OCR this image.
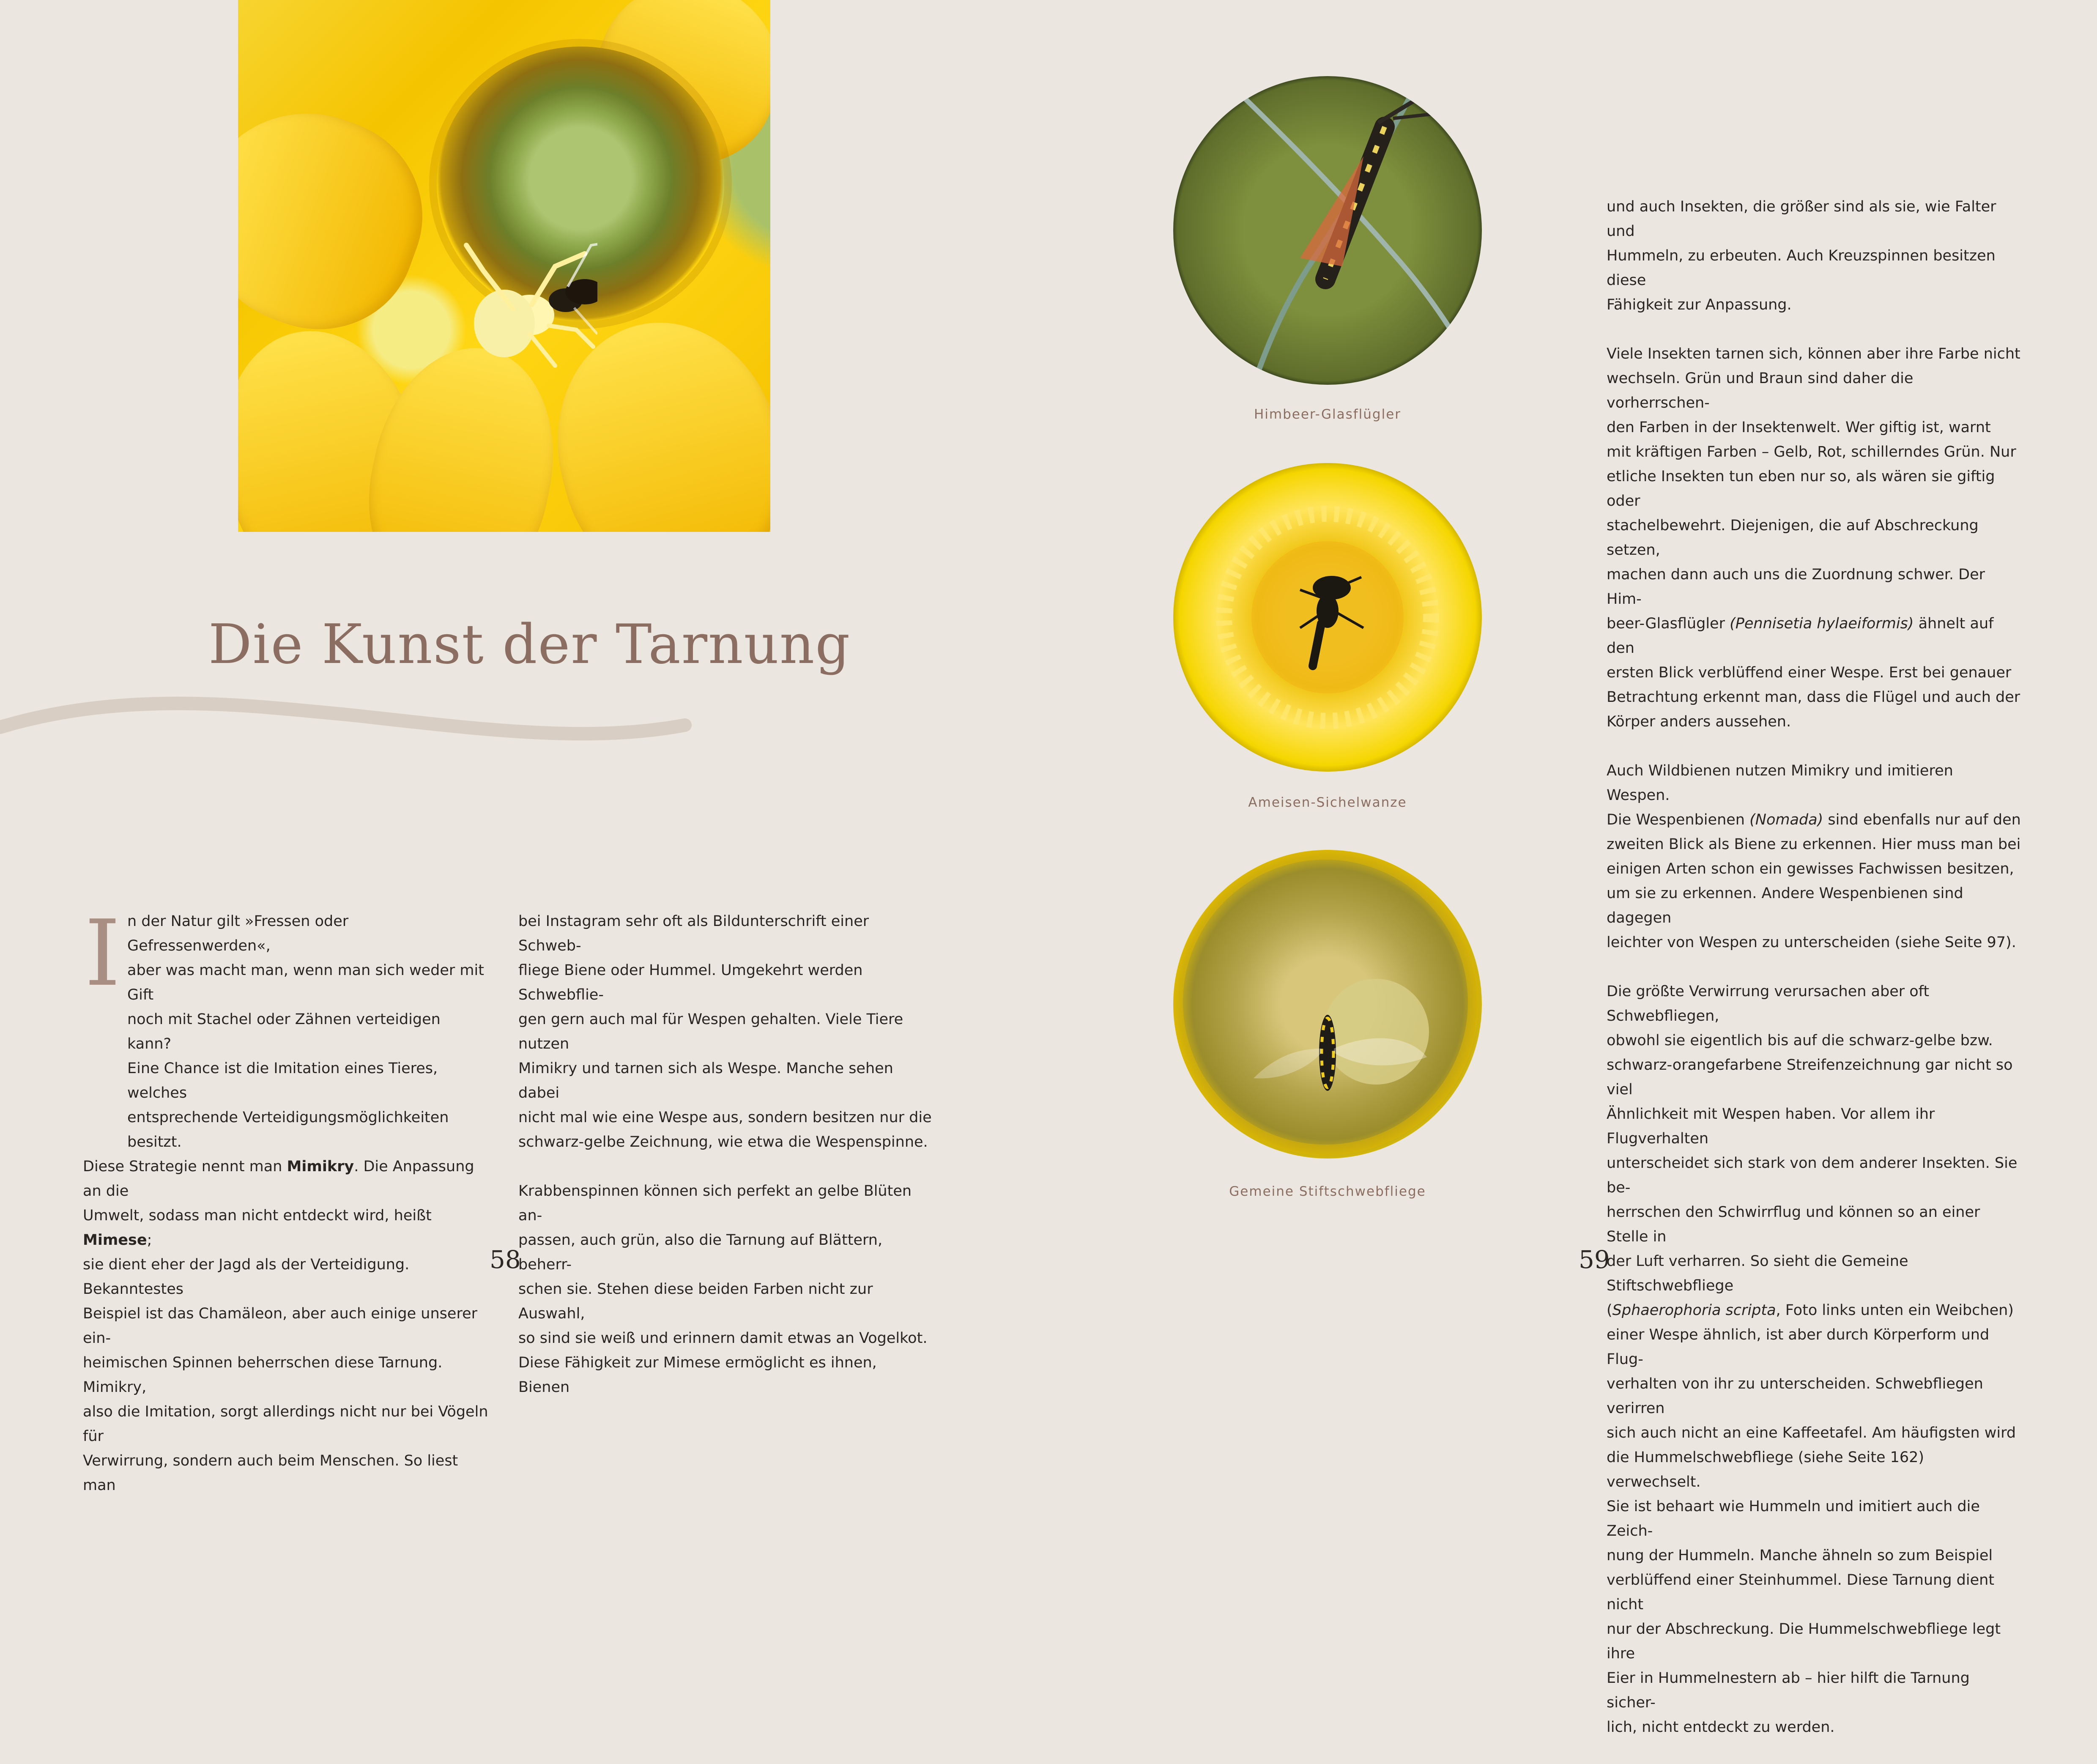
Die Kunst der Tarnung
I n der Natur gilt »Fressen oder Gefressenwerden«,
aber was macht man, wenn man sich weder mit Gift
noch mit Stachel oder Zähnen verteidigen kann?
Eine Chance ist die Imitation eines Tieres, welches
entsprechende Verteidigungsmöglichkeiten besitzt.
Diese Strategie nennt man Mimikry. Die Anpassung an die
Umwelt, sodass man nicht entdeckt wird, heißt Mimese;
sie dient eher der Jagd als der Verteidigung. Bekanntestes
Beispiel ist das Chamäleon, aber auch einige unserer ein-
heimischen Spinnen beherrschen diese Tarnung. Mimikry,
also die Imitation, sorgt allerdings nicht nur bei Vögeln für
Verwirrung, sondern auch beim Menschen. So liest man
bei Instagram sehr oft als Bildunterschrift einer Schweb-
fliege Biene oder Hummel. Umgekehrt werden Schwebflie-
gen gern auch mal für Wespen gehalten. Viele Tiere nutzen
Mimikry und tarnen sich als Wespe. Manche sehen dabei
nicht mal wie eine Wespe aus, sondern besitzen nur die
schwarz-gelbe Zeichnung, wie etwa die Wespenspinne.
Krabbenspinnen können sich perfekt an gelbe Blüten an-
passen, auch grün, also die Tarnung auf Blättern, beherr-
schen sie. Stehen diese beiden Farben nicht zur Auswahl,
so sind sie weiß und erinnern damit etwas an Vogelkot.
Diese Fähigkeit zur Mimese ermöglicht es ihnen, Bienen
Himbeer-Glasflügler
Ameisen-Sichelwanze
Gemeine Stiftschwebfliege
und auch Insekten, die größer sind als sie, wie Falter und
Hummeln, zu erbeuten. Auch Kreuzspinnen besitzen diese
Fähigkeit zur Anpassung.
Viele Insekten tarnen sich, können aber ihre Farbe nicht
wechseln. Grün und Braun sind daher die vorherrschen-
den Farben in der Insektenwelt. Wer giftig ist, warnt
mit kräftigen Farben – Gelb, Rot, schillerndes Grün. Nur
etliche Insekten tun eben nur so, als wären sie giftig oder
stachelbewehrt. Diejenigen, die auf Abschreckung setzen,
machen dann auch uns die Zuordnung schwer. Der Him-
beer-Glasflügler (Pennisetia hylaeiformis) ähnelt auf den
ersten Blick verblüffend einer Wespe. Erst bei genauer
Betrachtung erkennt man, dass die Flügel und auch der
Körper anders aussehen.
Auch Wildbienen nutzen Mimikry und imitieren Wespen.
Die Wespenbienen (Nomada) sind ebenfalls nur auf den
zweiten Blick als Biene zu erkennen. Hier muss man bei
einigen Arten schon ein gewisses Fachwissen besitzen,
um sie zu erkennen. Andere Wespenbienen sind dagegen
leichter von Wespen zu unterscheiden (siehe Seite 97).
Die größte Verwirrung verursachen aber oft Schwebfliegen,
obwohl sie eigentlich bis auf die schwarz-gelbe bzw.
schwarz-orangefarbene Streifenzeichnung gar nicht so viel
Ähnlichkeit mit Wespen haben. Vor allem ihr Flugverhalten
unterscheidet sich stark von dem anderer Insekten. Sie be-
herrschen den Schwirrflug und können so an einer Stelle in
der Luft verharren. So sieht die Gemeine Stiftschwebfliege
(Sphaerophoria scripta, Foto links unten ein Weibchen)
einer Wespe ähnlich, ist aber durch Körperform und Flug-
verhalten von ihr zu unterscheiden. Schwebfliegen verirren
sich auch nicht an eine Kaffeetafel. Am häufigsten wird
die Hummelschwebfliege (siehe Seite 162) verwechselt.
Sie ist behaart wie Hummeln und imitiert auch die Zeich-
nung der Hummeln. Manche ähneln so zum Beispiel
verblüffend einer Steinhummel. Diese Tarnung dient nicht
nur der Abschreckung. Die Hummelschwebfliege legt ihre
Eier in Hummelnestern ab – hier hilft die Tarnung sicher-
lich, nicht entdeckt zu werden.
58	59
